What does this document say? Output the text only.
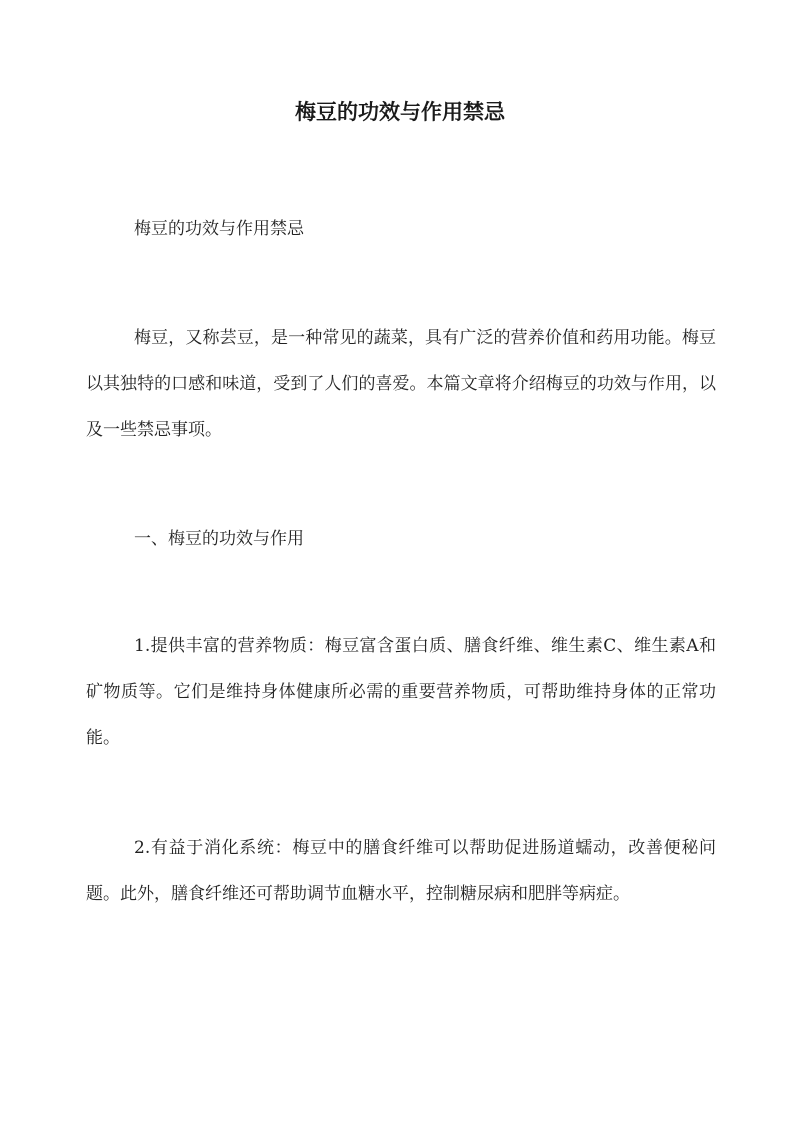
梅豆的功效与作用禁忌

梅豆的功效与作用禁忌

梅豆，又称芸豆，是一种常见的蔬菜，具有广泛的营养价值和药用功能。梅豆以其独特的口感和味道，受到了人们的喜爱。本篇文章将介绍梅豆的功效与作用，以及一些禁忌事项。

一、梅豆的功效与作用

1.提供丰富的营养物质：梅豆富含蛋白质、膳食纤维、维生素C、维生素A和矿物质等。它们是维持身体健康所必需的重要营养物质，可帮助维持身体的正常功能。

2.有益于消化系统：梅豆中的膳食纤维可以帮助促进肠道蠕动，改善便秘问题。此外，膳食纤维还可帮助调节血糖水平，控制糖尿病和肥胖等病症。
